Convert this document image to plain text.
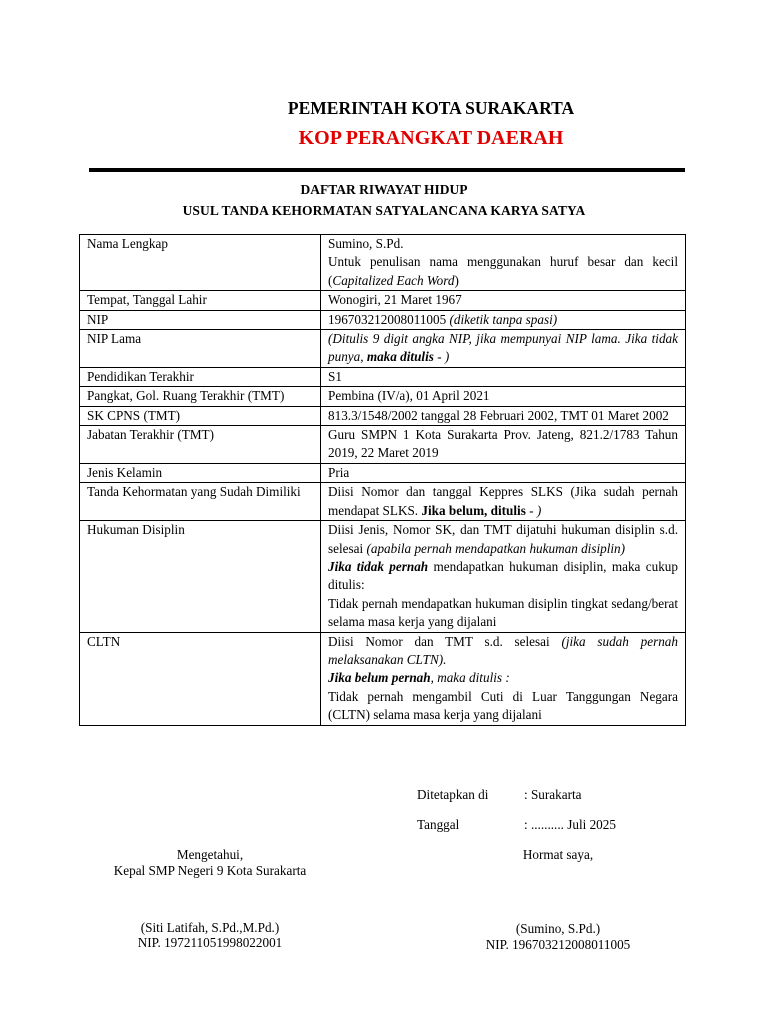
PEMERINTAH KOTA SURAKARTA
KOP PERANGKAT DAERAH
DAFTAR RIWAYAT HIDUP
USUL TANDA KEHORMATAN SATYALANCANA KARYA SATYA
Nama Lengkap	Sumino, S.Pd.
Untuk penulisan nama menggunakan huruf besar dan kecil (Capitalized Each Word)

Tempat, Tanggal Lahir	Wonogiri, 21 Maret 1967
NIP	196703212008011005 (diketik tanpa spasi)
NIP Lama	(Ditulis 9 digit angka NIP, jika mempunyai NIP lama. Jika tidak punya, maka ditulis - )
Pendidikan Terakhir	S1
Pangkat, Gol. Ruang Terakhir (TMT)	Pembina (IV/a), 01 April 2021
SK CPNS (TMT)	813.3/1548/2002 tanggal 28 Februari 2002, TMT 01 Maret 2002
Jabatan Terakhir (TMT)	Guru SMPN 1 Kota Surakarta Prov. Jateng, 821.2/1783 Tahun 2019, 22 Maret 2019
Jenis Kelamin	Pria
Tanda Kehormatan yang Sudah Dimiliki	Diisi Nomor dan tanggal Keppres SLKS (Jika sudah pernah mendapat SLKS. Jika belum, ditulis - )
Hukuman Disiplin	Diisi Jenis, Nomor SK, dan TMT dijatuhi hukuman disiplin s.d. selesai (apabila pernah mendapatkan hukuman disiplin)
Jika tidak pernah mendapatkan hukuman disiplin, maka cukup ditulis:
Tidak pernah mendapatkan hukuman disiplin tingkat sedang/berat selama masa kerja yang dijalani

CLTN	Diisi Nomor dan TMT s.d. selesai (jika sudah pernah melaksanakan CLTN).
Jika belum pernah, maka ditulis :
Tidak pernah mengambil Cuti di Luar Tanggungan Negara (CLTN) selama masa kerja yang dijalani
Ditetapkan di	: Surakarta
Tanggal	: .......... Juli 2025
Mengetahui,
Kepal SMP Negeri 9 Kota Surakarta
Hormat saya,
(Siti Latifah, S.Pd.,M.Pd.)
NIP. 197211051998022001
(Sumino, S.Pd.)
NIP. 196703212008011005
